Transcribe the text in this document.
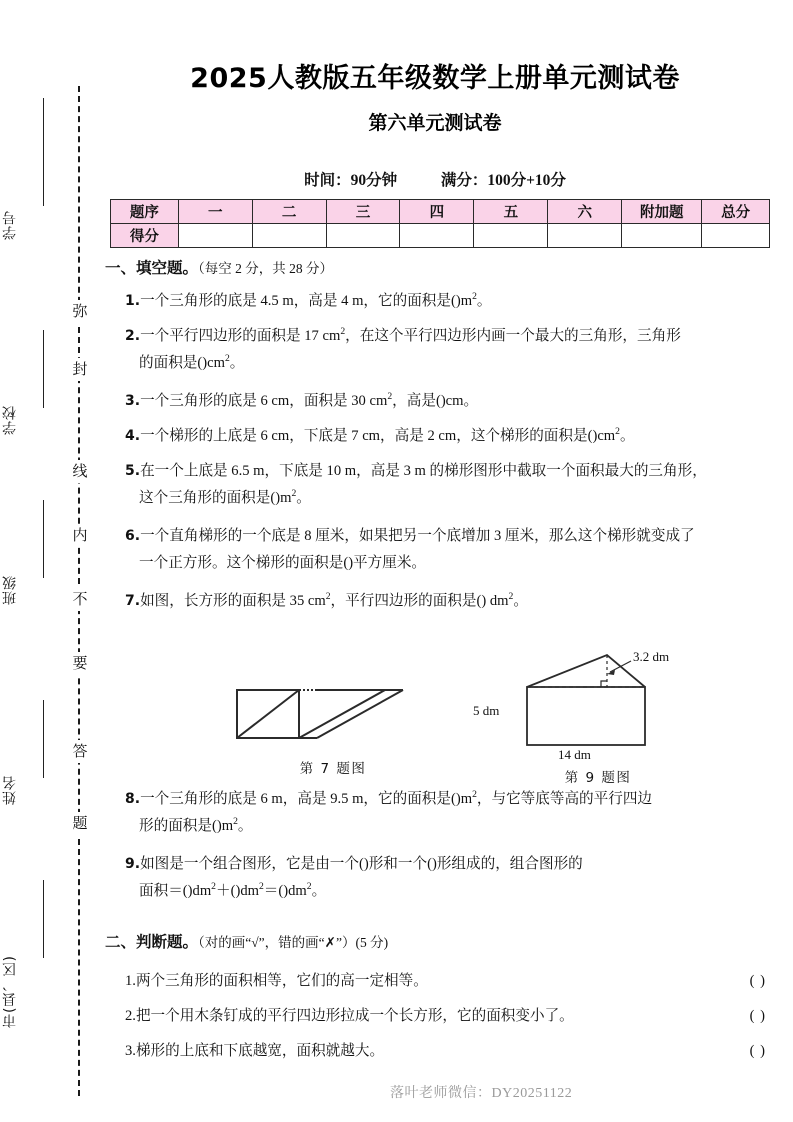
弥
封
线
内
不
要
答
题
学号
学校
班级
姓名
市(县、区)
2025人教版五年级数学上册单元测试卷
第六单元测试卷
时间：90分钟	满分：100分+10分
题序	一	二	三	四	五	六	附加题	总分
得分								
一、填空题。（每空 2 分，共 28 分）
1.一个三角形的底是 4.5 m，高是 4 m，它的面积是$()m^2$。
2.一个平行四边形的面积是 17 $cm^2$，在这个平行四边形内画一个最大的三角形，三角形
的面积是$()cm^2$。
3.一个三角形的底是 6 cm，面积是 30 $cm^2$，高是()cm。
4.一个梯形的上底是 6 cm，下底是 7 cm，高是 2 cm，这个梯形的面积是$()cm^2$。
5.在一个上底是 6.5 m，下底是 10 m，高是 3 m 的梯形图形中截取一个面积最大的三角形，
这个三角形的面积是$()m^2$。
6.一个直角梯形的一个底是 8 厘米，如果把另一个底增加 3 厘米，那么这个梯形就变成了
一个正方形。这个梯形的面积是()平方厘米。
7.如图，长方形的面积是 35 $cm^2$，平行四边形的面积是() $dm^2$。
第 7 题图
5 dm
14 dm
3.2 dm
第 9 题图
8.一个三角形的底是 6 m，高是 9.5 m，它的面积是$()m^2$，与它等底等高的平行四边
形的面积是$()m^2$。
9.如图是一个组合图形，它是由一个()形和一个()形组成的，组合图形的
面积$=()dm^2+()dm^2=()dm^2$。
二、判断题。（对的画“√”，错的画“✗”）(5 分)
1.两个三角形的面积相等，它们的高一定相等。	( )
2.把一个用木条钉成的平行四边形拉成一个长方形，它的面积变小了。	( )
3.梯形的上底和下底越宽，面积就越大。	( )
落叶老师微信：DY20251122
